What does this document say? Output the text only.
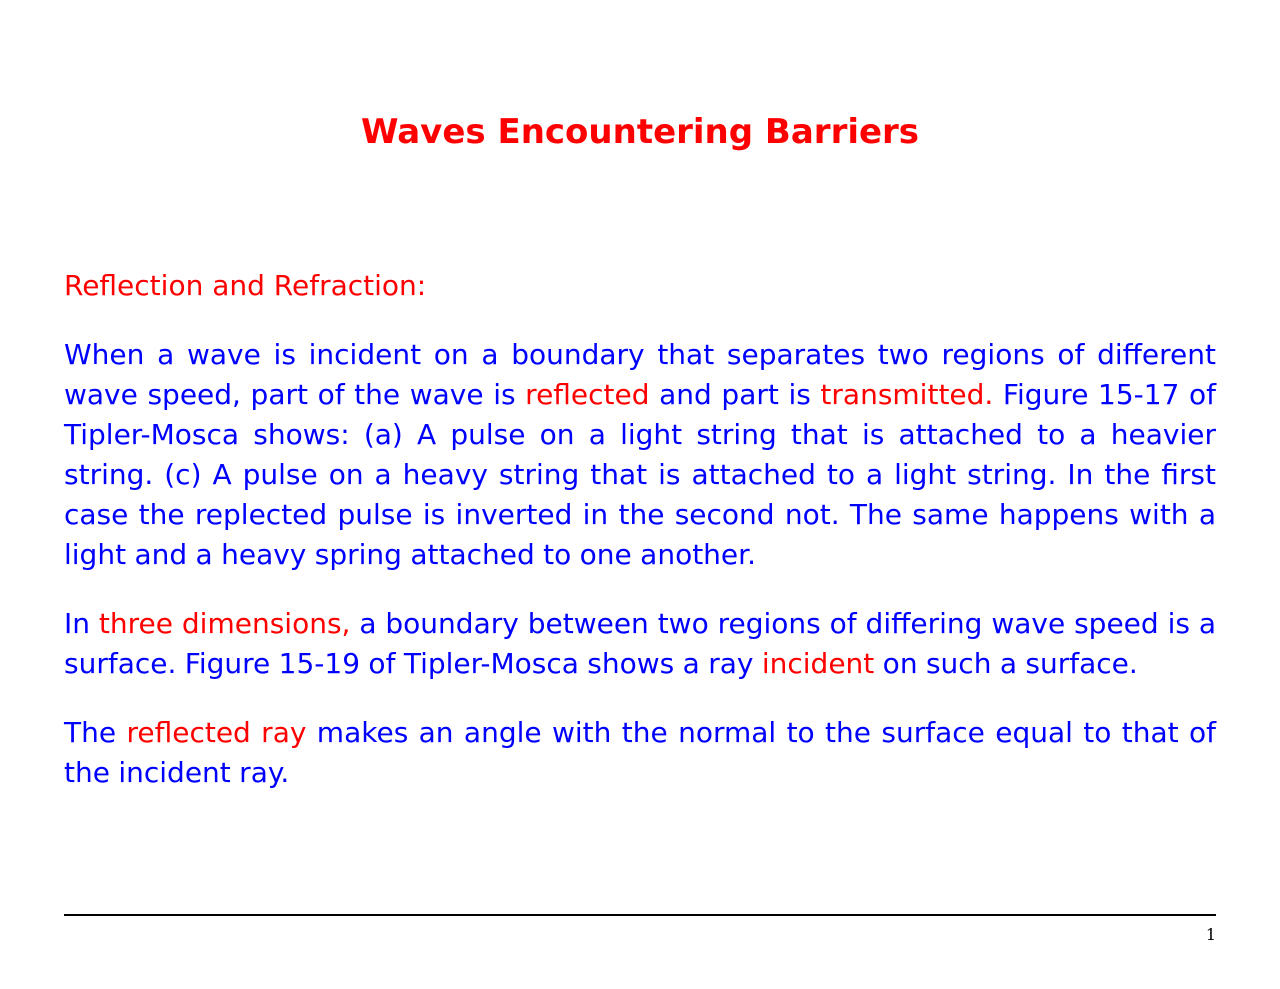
Waves Encountering Barriers
Reflection and Refraction:

When a wave is incident on a boundary that separates two regions of different wave speed, part of the wave is reflected and part is transmitted. Figure 15-17 of Tipler-Mosca shows: (a) A pulse on a light string that is attached to a heavier string. (c) A pulse on a heavy string that is attached to a light string. In the first case the replected pulse is inverted in the second not. The same happens with a light and a heavy spring attached to one another.

In three dimensions, a boundary between two regions of differing wave speed is a surface. Figure 15-19 of Tipler-Mosca shows a ray incident on such a surface.

The reflected ray makes an angle with the normal to the surface equal to that of the incident ray.

1
